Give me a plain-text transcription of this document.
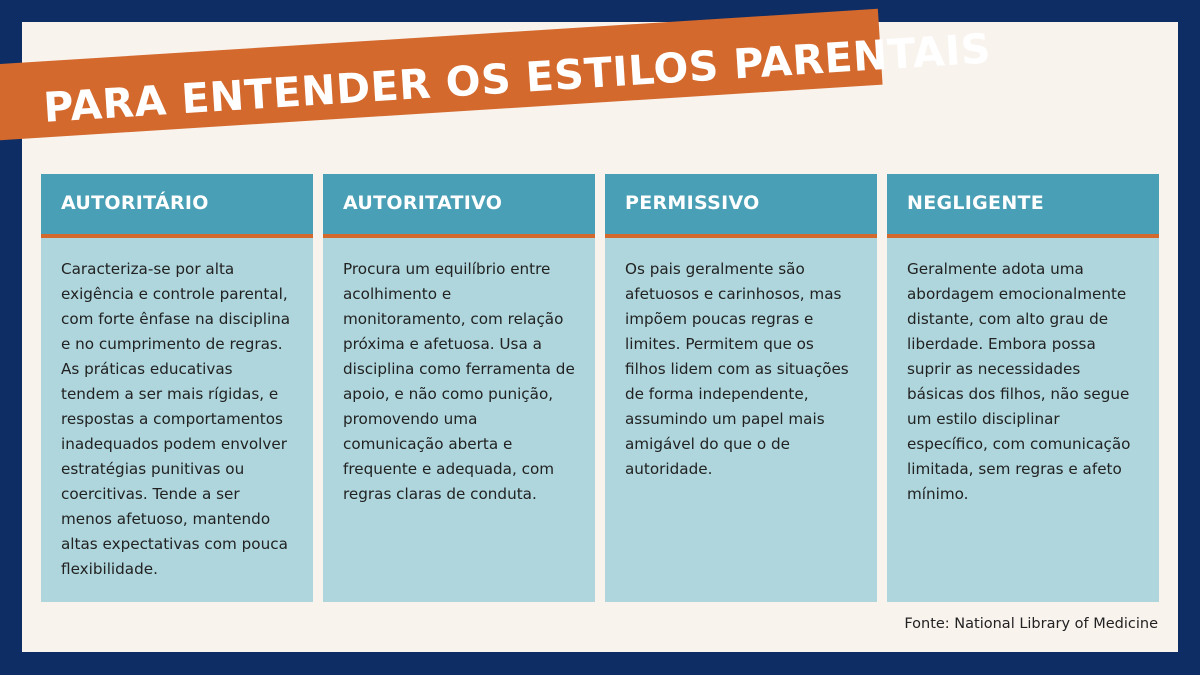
PARA ENTENDER OS ESTILOS PARENTAIS
AUTORITÁRIO
Caracteriza-se por alta exigência e controle parental, com forte ênfase na disciplina e no cumprimento de regras. As práticas educativas tendem a ser mais rígidas, e respostas a comportamentos inadequados podem envolver estratégias punitivas ou coercitivas. Tende a ser menos afetuoso, mantendo altas expectativas com pouca flexibilidade.
AUTORITATIVO
Procura um equilíbrio entre acolhimento e monitoramento, com relação próxima e afetuosa. Usa a disciplina como ferramenta de apoio, e não como punição, promovendo uma comunicação aberta e frequente e adequada, com regras claras de conduta.
PERMISSIVO
Os pais geralmente são afetuosos e carinhosos, mas impõem poucas regras e limites. Permitem que os filhos lidem com as situações de forma independente, assumindo um papel mais amigável do que o de autoridade.
NEGLIGENTE
Geralmente adota uma abordagem emocionalmente distante, com alto grau de liberdade. Embora possa suprir as necessidades básicas dos filhos, não segue um estilo disciplinar específico, com comunicação limitada, sem regras e afeto mínimo.
Fonte: National Library of Medicine
